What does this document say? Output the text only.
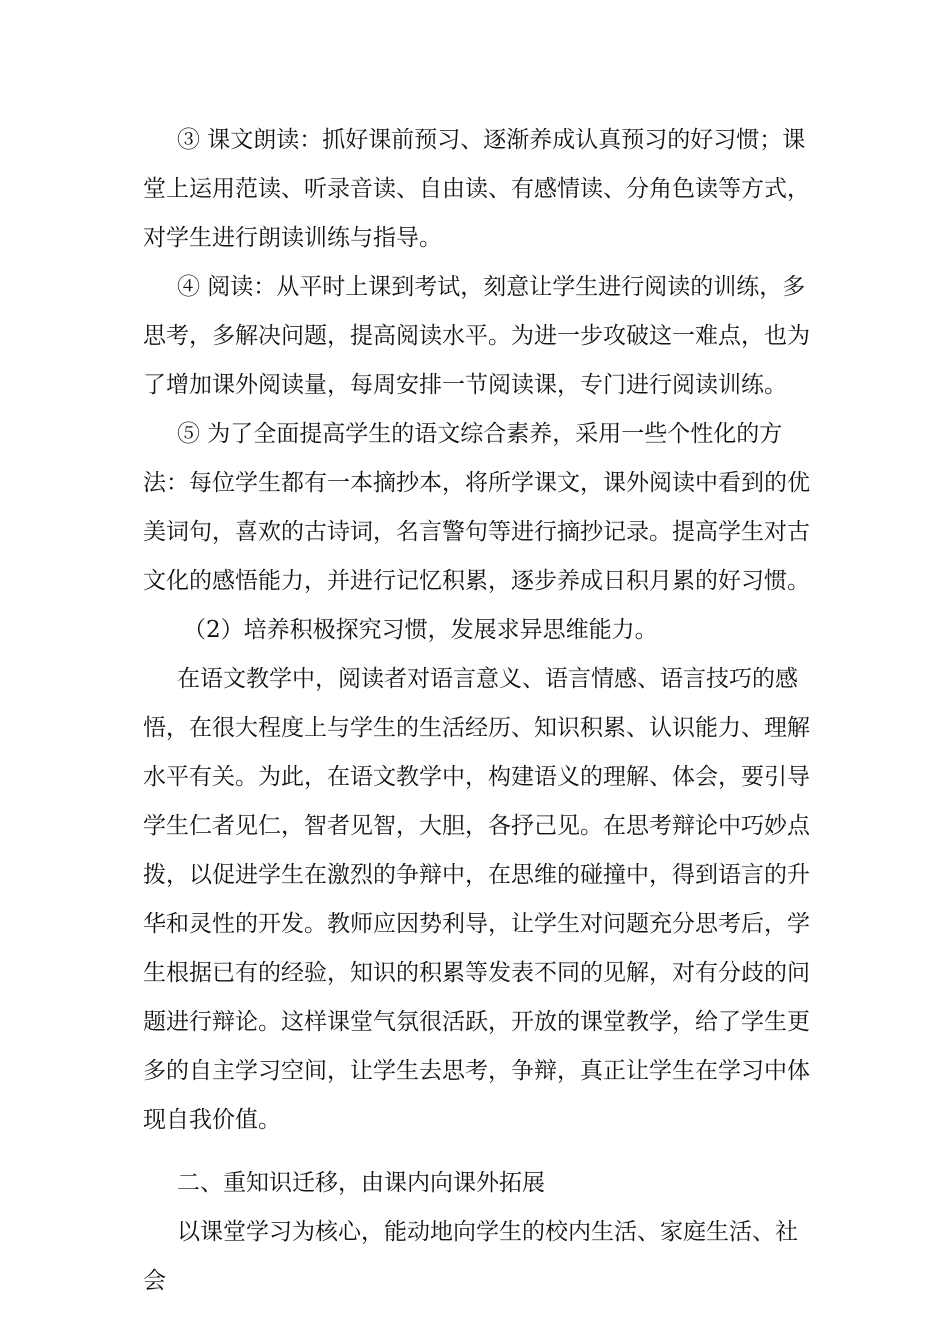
③ 课文朗读：抓好课前预习、逐渐养成认真预习的好习惯；课堂上运用范读、听录音读、自由读、有感情读、分角色读等方式，对学生进行朗读训练与指导。

④ 阅读：从平时上课到考试，刻意让学生进行阅读的训练，多思考，多解决问题，提高阅读水平。为进一步攻破这一难点，也为了增加课外阅读量，每周安排一节阅读课，专门进行阅读训练。

⑤ 为了全面提高学生的语文综合素养，采用一些个性化的方法：每位学生都有一本摘抄本，将所学课文，课外阅读中看到的优美词句，喜欢的古诗词，名言警句等进行摘抄记录。提高学生对古文化的感悟能力，并进行记忆积累，逐步养成日积月累的好习惯。

（2）培养积极探究习惯，发展求异思维能力。

在语文教学中，阅读者对语言意义、语言情感、语言技巧的感悟，在很大程度上与学生的生活经历、知识积累、认识能力、理解水平有关。为此，在语文教学中，构建语义的理解、体会，要引导学生仁者见仁，智者见智，大胆，各抒己见。在思考辩论中巧妙点拨，以促进学生在激烈的争辩中，在思维的碰撞中，得到语言的升华和灵性的开发。教师应因势利导，让学生对问题充分思考后，学生根据已有的经验，知识的积累等发表不同的见解，对有分歧的问题进行辩论。这样课堂气氛很活跃，开放的课堂教学，给了学生更多的自主学习空间，让学生去思考，争辩，真正让学生在学习中体现自我价值。

二、重知识迁移，由课内向课外拓展

以课堂学习为核心，能动地向学生的校内生活、家庭生活、社会
